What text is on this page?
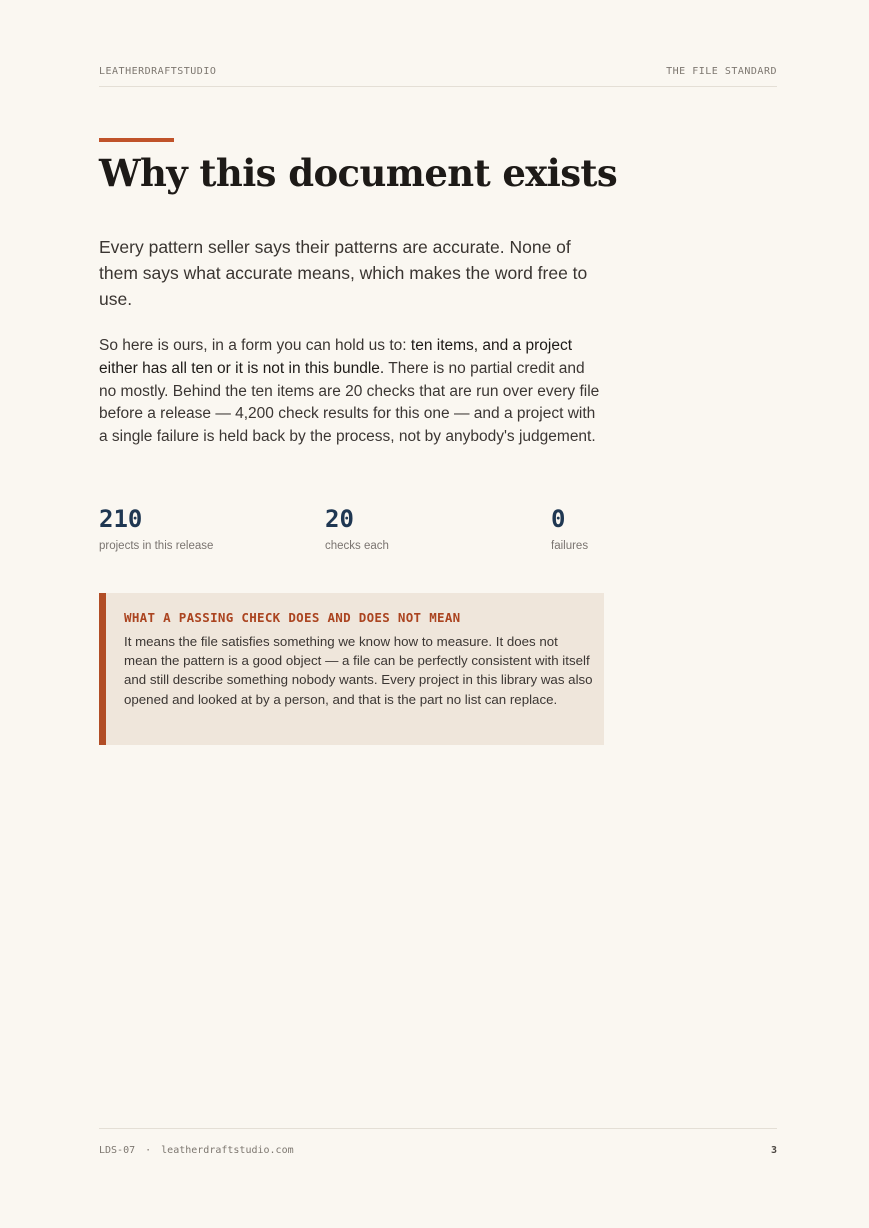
LEATHERDRAFTSTUDIO	THE FILE STANDARD
Why this document exists

Every pattern seller says their patterns are accurate. None of them says what accurate means, which makes the word free to use.

So here is ours, in a form you can hold us to: ten items, and a project either has all ten or it is not in this bundle. There is no partial credit and no mostly. Behind the ten items are 20 checks that are run over every file before a release — 4,200 check results for this one — and a project with a single failure is held back by the process, not by anybody's judgement.

210
projects in this release
20
checks each
0
failures

WHAT A PASSING CHECK DOES AND DOES NOT MEAN

It means the file satisfies something we know how to measure. It does not mean the pattern is a good object — a file can be perfectly consistent with itself and still describe something nobody wants. Every project in this library was also opened and looked at by a person, and that is the part no list can replace.

LDS-07 · leatherdraftstudio.com	3
